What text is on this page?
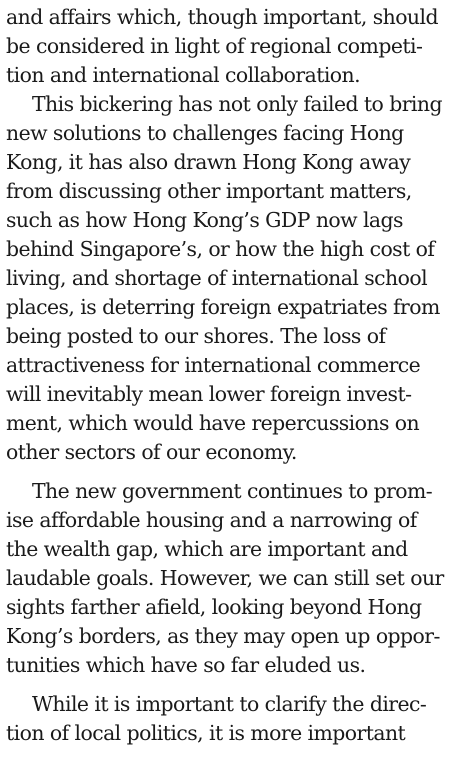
and affairs which, though important, should
be considered in light of regional competi-
tion and international collaboration.
This bickering has not only failed to bring
new solutions to challenges facing Hong
Kong, it has also drawn Hong Kong away
from discussing other important matters,
such as how Hong Kong’s GDP now lags
behind Singapore’s, or how the high cost of
living, and shortage of international school
places, is deterring foreign expatriates from
being posted to our shores. The loss of
attractiveness for international commerce
will inevitably mean lower foreign invest-
ment, which would have repercussions on
other sectors of our economy.
The new government continues to prom-
ise affordable housing and a narrowing of
the wealth gap, which are important and
laudable goals. However, we can still set our
sights farther afield, looking beyond Hong
Kong’s borders, as they may open up oppor-
tunities which have so far eluded us.
While it is important to clarify the direc-
tion of local politics, it is more important
